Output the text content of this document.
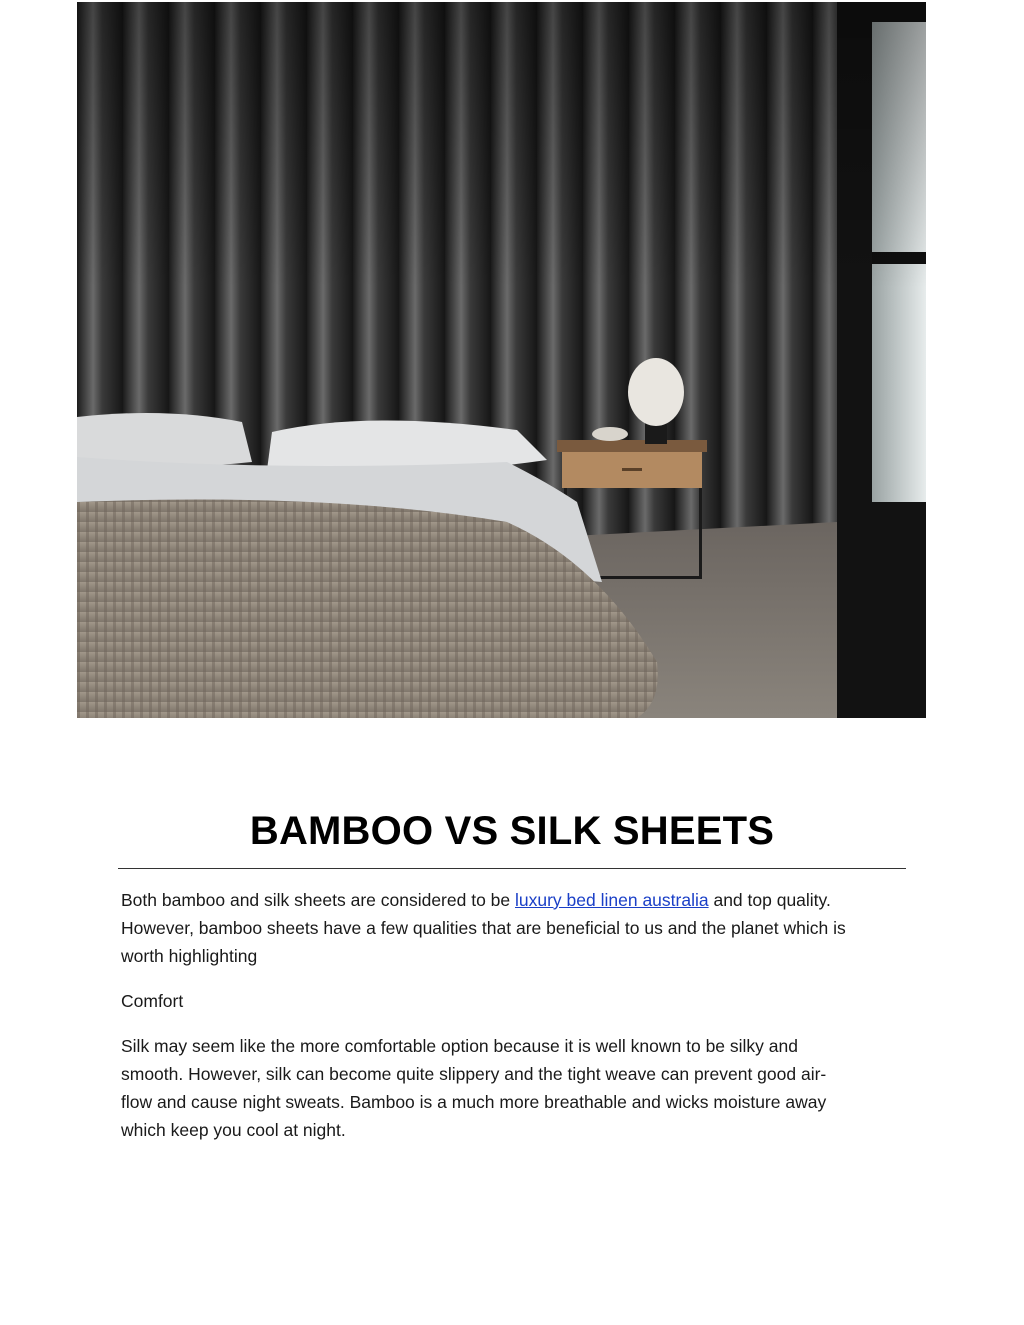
BAMBOO VS SILK SHEETS
Both bamboo and silk sheets are considered to be luxury bed linen australia and top quality.
However, bamboo sheets have a few qualities that are beneficial to us and the planet which is
worth highlighting
Comfort
Silk may seem like the more comfortable option because it is well known to be silky and
smooth. However, silk can become quite slippery and the tight weave can prevent good air-
flow and cause night sweats. Bamboo is a much more breathable and wicks moisture away
which keep you cool at night.
